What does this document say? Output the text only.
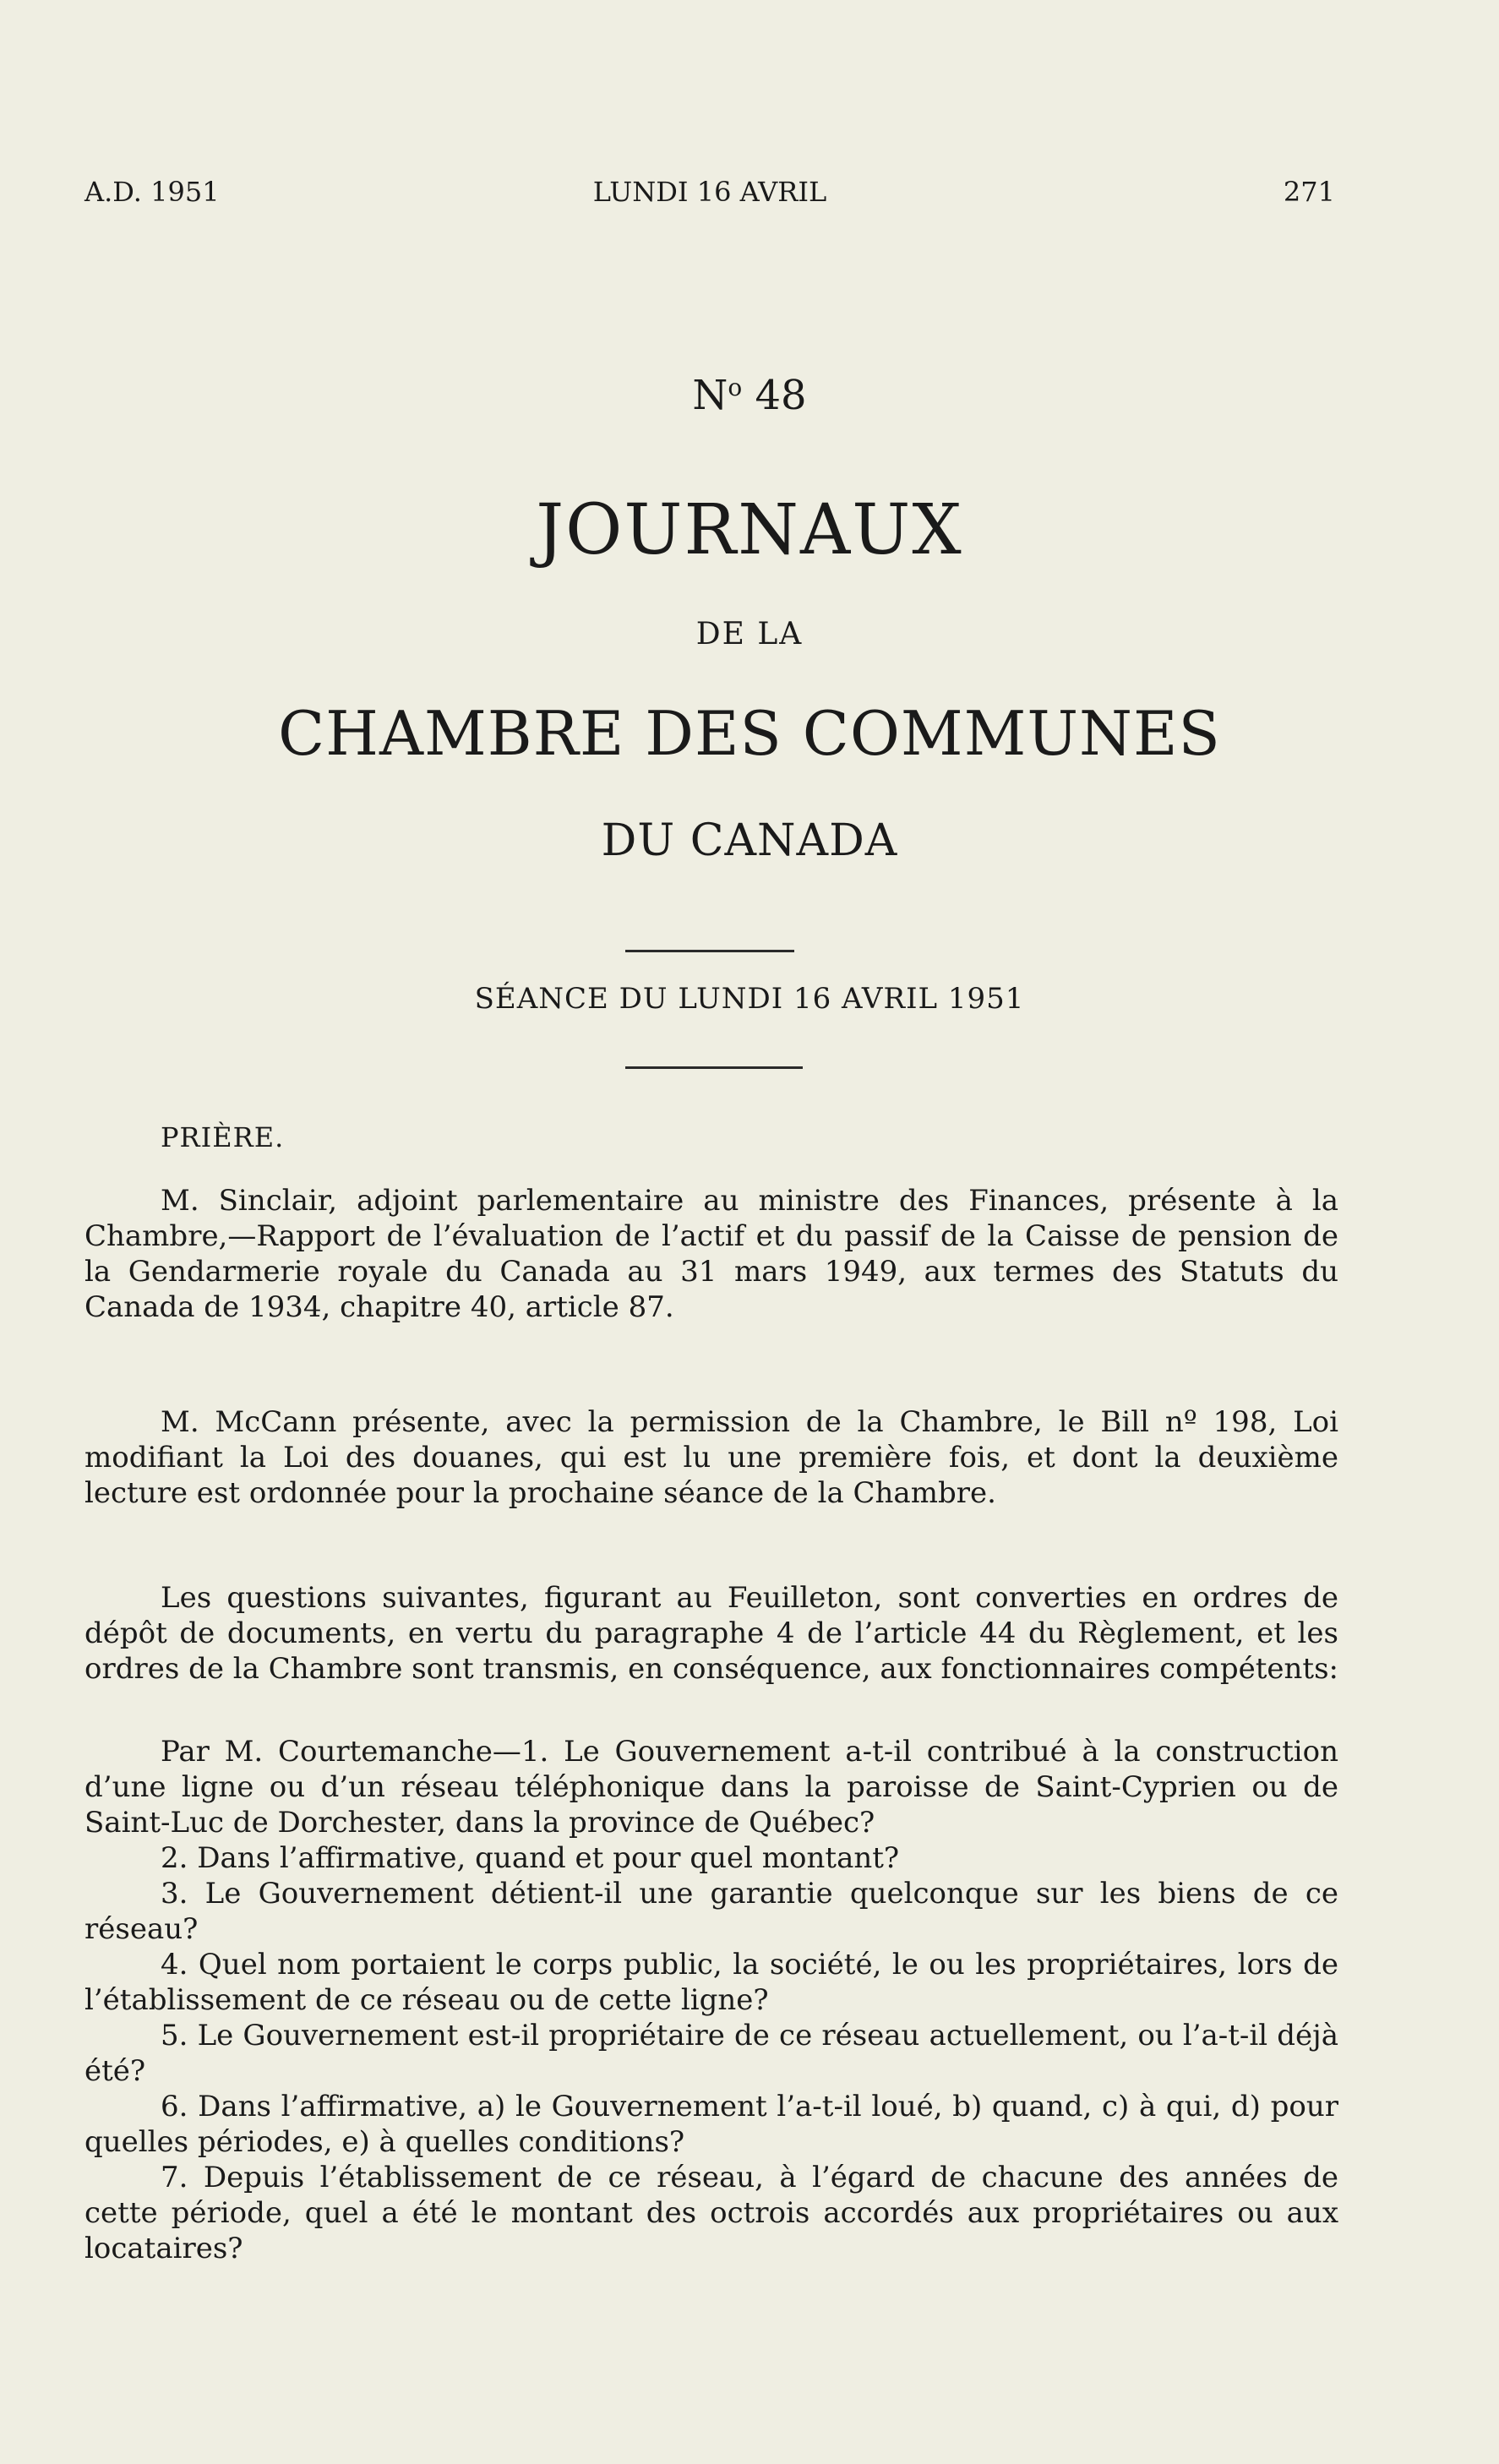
A.D. 1951	LUNDI 16 AVRIL	271
$N^o$ 48
JOURNAUX
DE LA
CHAMBRE DES COMMUNES
DU CANADA
SÉANCE DU LUNDI 16 AVRIL 1951

PRIÈRE.

M. Sinclair, adjoint parlementaire au ministre des Finances, présente à la Chambre,—Rapport de l’évaluation de l’actif et du passif de la Caisse de pension de la Gendarmerie royale du Canada au 31 mars 1949, aux termes des Statuts du Canada de 1934, chapitre 40, article 87.

M. McCann présente, avec la permission de la Chambre, le Bill nº 198, Loi modifiant la Loi des douanes, qui est lu une première fois, et dont la deuxième lecture est ordonnée pour la prochaine séance de la Chambre.

Les questions suivantes, figurant au Feuilleton, sont converties en ordres de dépôt de documents, en vertu du paragraphe 4 de l’article 44 du Règlement, et les ordres de la Chambre sont transmis, en conséquence, aux fonctionnaires compétents:

Par M. Courtemanche—1. Le Gouvernement a-t-il contribué à la construction d’une ligne ou d’un réseau téléphonique dans la paroisse de Saint-Cyprien ou de Saint-Luc de Dorchester, dans la province de Québec?

2. Dans l’affirmative, quand et pour quel montant?

3. Le Gouvernement détient-il une garantie quelconque sur les biens de ce réseau?

4. Quel nom portaient le corps public, la société, le ou les propriétaires, lors de l’établissement de ce réseau ou de cette ligne?

5. Le Gouvernement est-il propriétaire de ce réseau actuellement, ou l’a-t-il déjà été?

6. Dans l’affirmative, a) le Gouvernement l’a-t-il loué, b) quand, c) à qui, d) pour quelles périodes, e) à quelles conditions?

7. Depuis l’établissement de ce réseau, à l’égard de chacune des années de cette période, quel a été le montant des octrois accordés aux propriétaires ou aux locataires?
